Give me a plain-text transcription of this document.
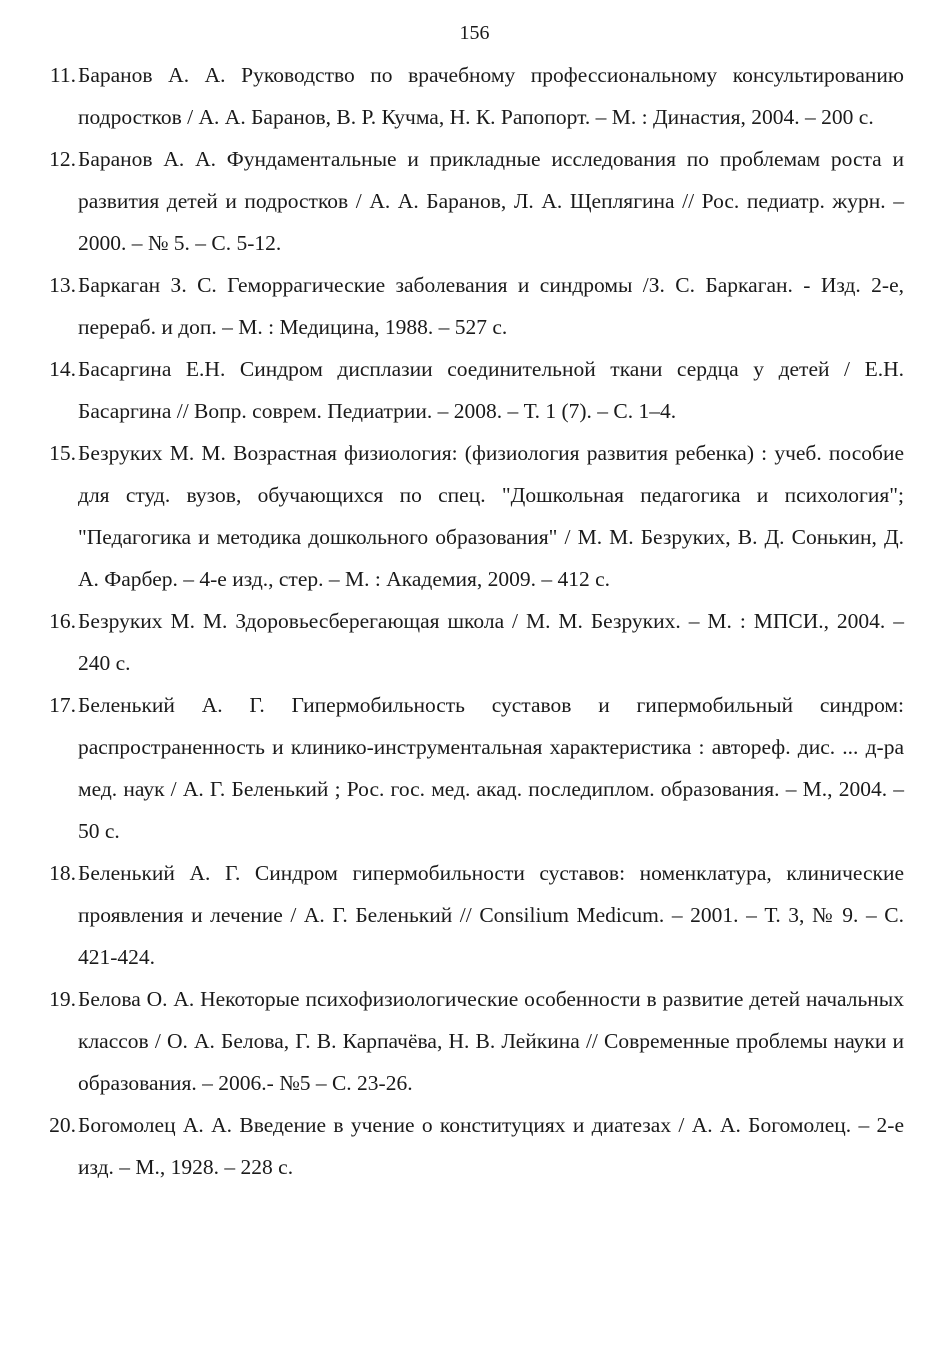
156
11. Баранов А. А. Руководство по врачебному профессиональному консультированию подростков / А. А. Баранов, В. Р. Кучма, Н. К. Рапопорт. – М. : Династия, 2004. – 200 с.
12. Баранов А. А. Фундаментальные и прикладные исследования по проблемам роста и развития детей и подростков / А. А. Баранов, Л. А. Щеплягина // Рос. педиатр. журн. – 2000. – № 5. – С. 5-12.
13. Баркаган З. С. Геморрагические заболевания и синдромы /З. С. Баркаган. - Изд. 2-е, перераб. и доп. – М. : Медицина, 1988. – 527 с.
14. Басаргина Е.Н. Синдром дисплазии соединительной ткани сердца у детей / Е.Н. Басаргина // Вопр. соврем. Педиатрии. – 2008. – Т. 1 (7). – С. 1–4.
15. Безруких М. М. Возрастная физиология: (физиология развития ребенка) : учеб. пособие для студ. вузов, обучающихся по спец. "Дошкольная педагогика и психология"; "Педагогика и методика дошкольного образования" / М. М. Безруких, В. Д. Сонькин, Д. А. Фарбер. – 4-е изд., стер. – М. : Академия, 2009. – 412 с.
16. Безруких М. М. Здоровьесберегающая школа / М. М. Безруких. – М. : МПСИ., 2004. – 240 с.
17. Беленький А. Г. Гипермобильность суставов и гипермобильный синдром: распространенность и клинико-инструментальная характеристика : автореф. дис. ... д-ра мед. наук / А. Г. Беленький ; Рос. гос. мед. акад. последиплом. образования. – М., 2004. – 50 с.
18. Беленький А. Г. Синдром гипермобильности суставов: номенклатура, клинические проявления и лечение / А. Г. Беленький // Consilium Medicum. – 2001. – Т. 3, № 9. – С. 421-424.
19. Белова О. А. Некоторые психофизиологические особенности в развитие детей начальных классов / О. А. Белова, Г. В. Карпачёва, Н. В. Лейкина // Современные проблемы науки и образования. – 2006.- №5 – С. 23-26.
20. Богомолец А. А. Введение в учение о конституциях и диатезах / А. А. Богомолец. – 2-е изд. – М., 1928. – 228 с.
